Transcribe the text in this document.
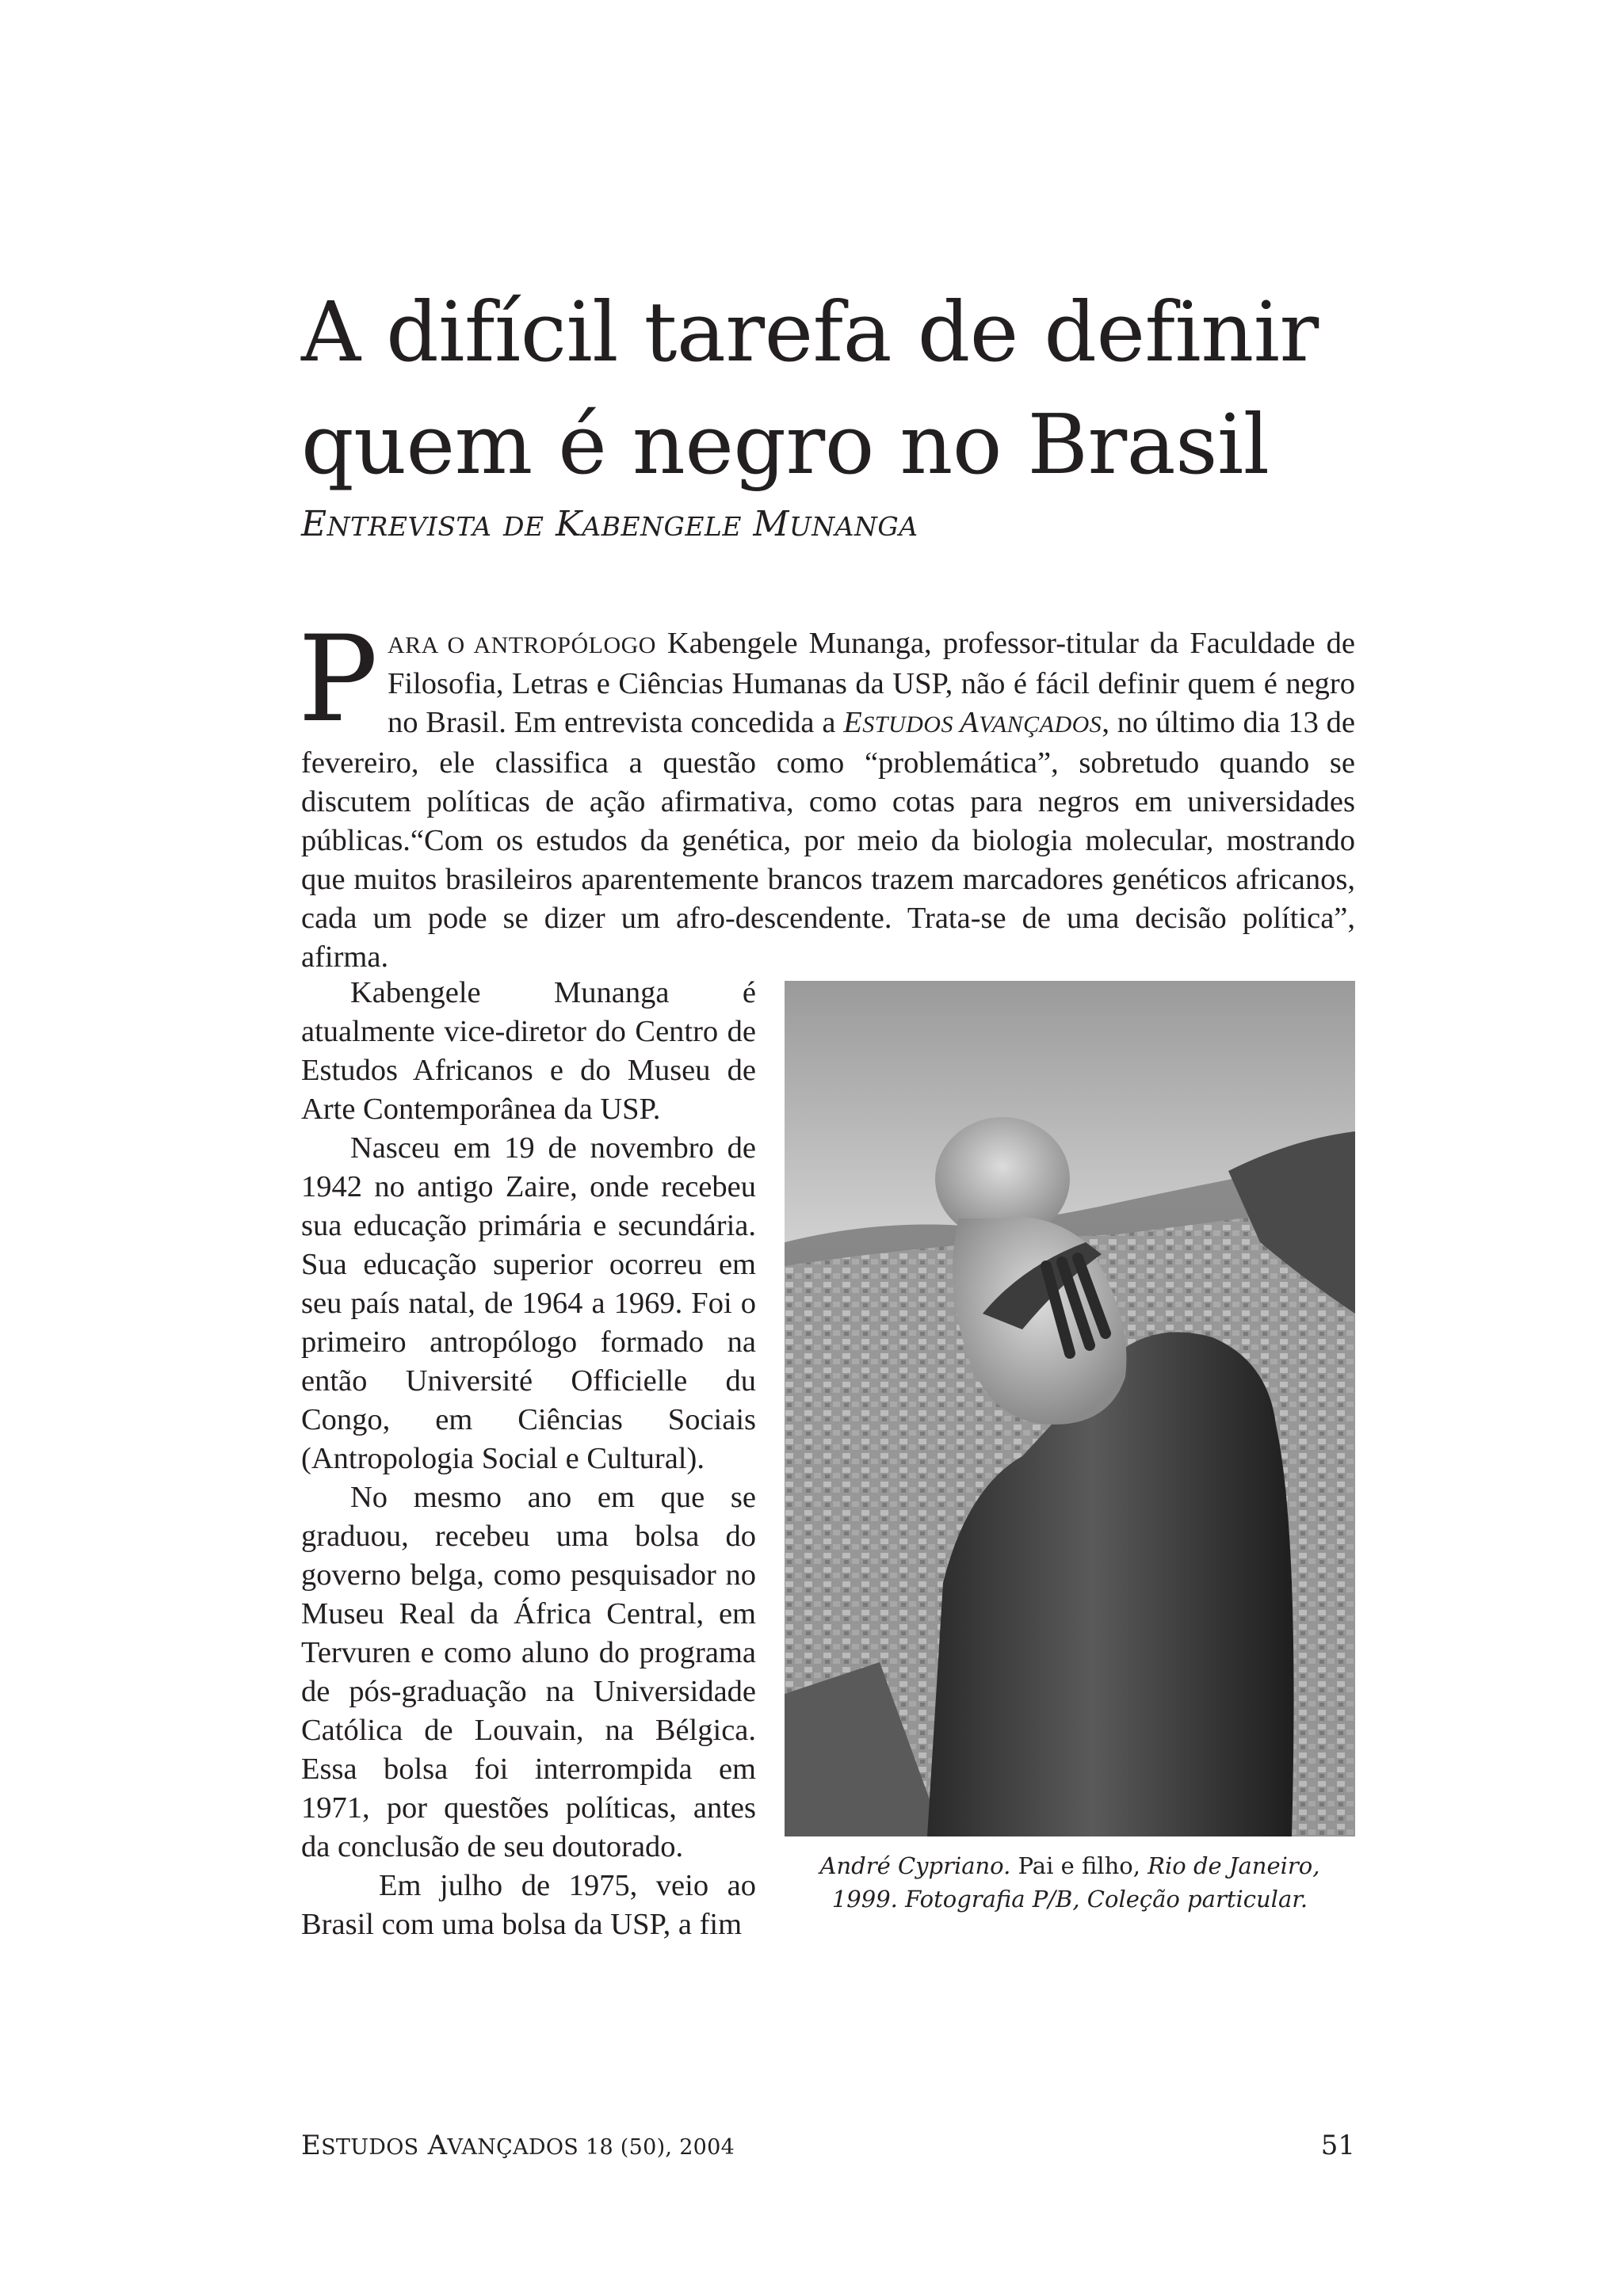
A difícil tarefa de definir
quem é negro no Brasil

ENTREVISTA DE KABENGELE MUNANGA

PARA O ANTROPÓLOGO Kabengele Munanga, professor-titular da Faculdade de Filosofia, Letras e Ciências Humanas da USP, não é fácil definir quem é negro no Brasil. Em entrevista concedida a ESTUDOS AVANÇADOS, no último dia 13 de fevereiro, ele classifica a questão como “problemática”, sobretudo quando se discutem políticas de ação afirmativa, como cotas para negros em universidades públicas.“Com os estudos da genética, por meio da biologia molecular, mostrando que muitos brasileiros aparentemente brancos trazem marcadores genéticos africanos, cada um pode se dizer um afro-descendente. Trata-se de uma decisão política”, afirma.

Kabengele Munanga é atualmente vice-diretor do Centro de Estudos Africanos e do Museu de Arte Contemporânea da USP.

Nasceu em 19 de novembro de 1942 no antigo Zaire, onde recebeu sua educação primária e secundária. Sua educação superior ocorreu em seu país natal, de 1964 a 1969. Foi o primeiro antropólogo formado na então Université Officielle du Congo, em Ciências Sociais (Antropologia Social e Cultural).

No mesmo ano em que se graduou, recebeu uma bolsa do governo belga, como pesquisador no Museu Real da África Central, em Tervuren e como aluno do programa de pós-graduação na Universidade Católica de Louvain, na Bélgica. Essa bolsa foi interrompida em 1971, por questões políticas, antes da conclusão de seu doutorado.

Em julho de 1975, veio ao Brasil com uma bolsa da USP, a fim

André Cypriano. Pai e filho, Rio de Janeiro, 1999. Fotografia P/B, Coleção particular.
ESTUDOS AVANÇADOS 18 (50), 2004	51
